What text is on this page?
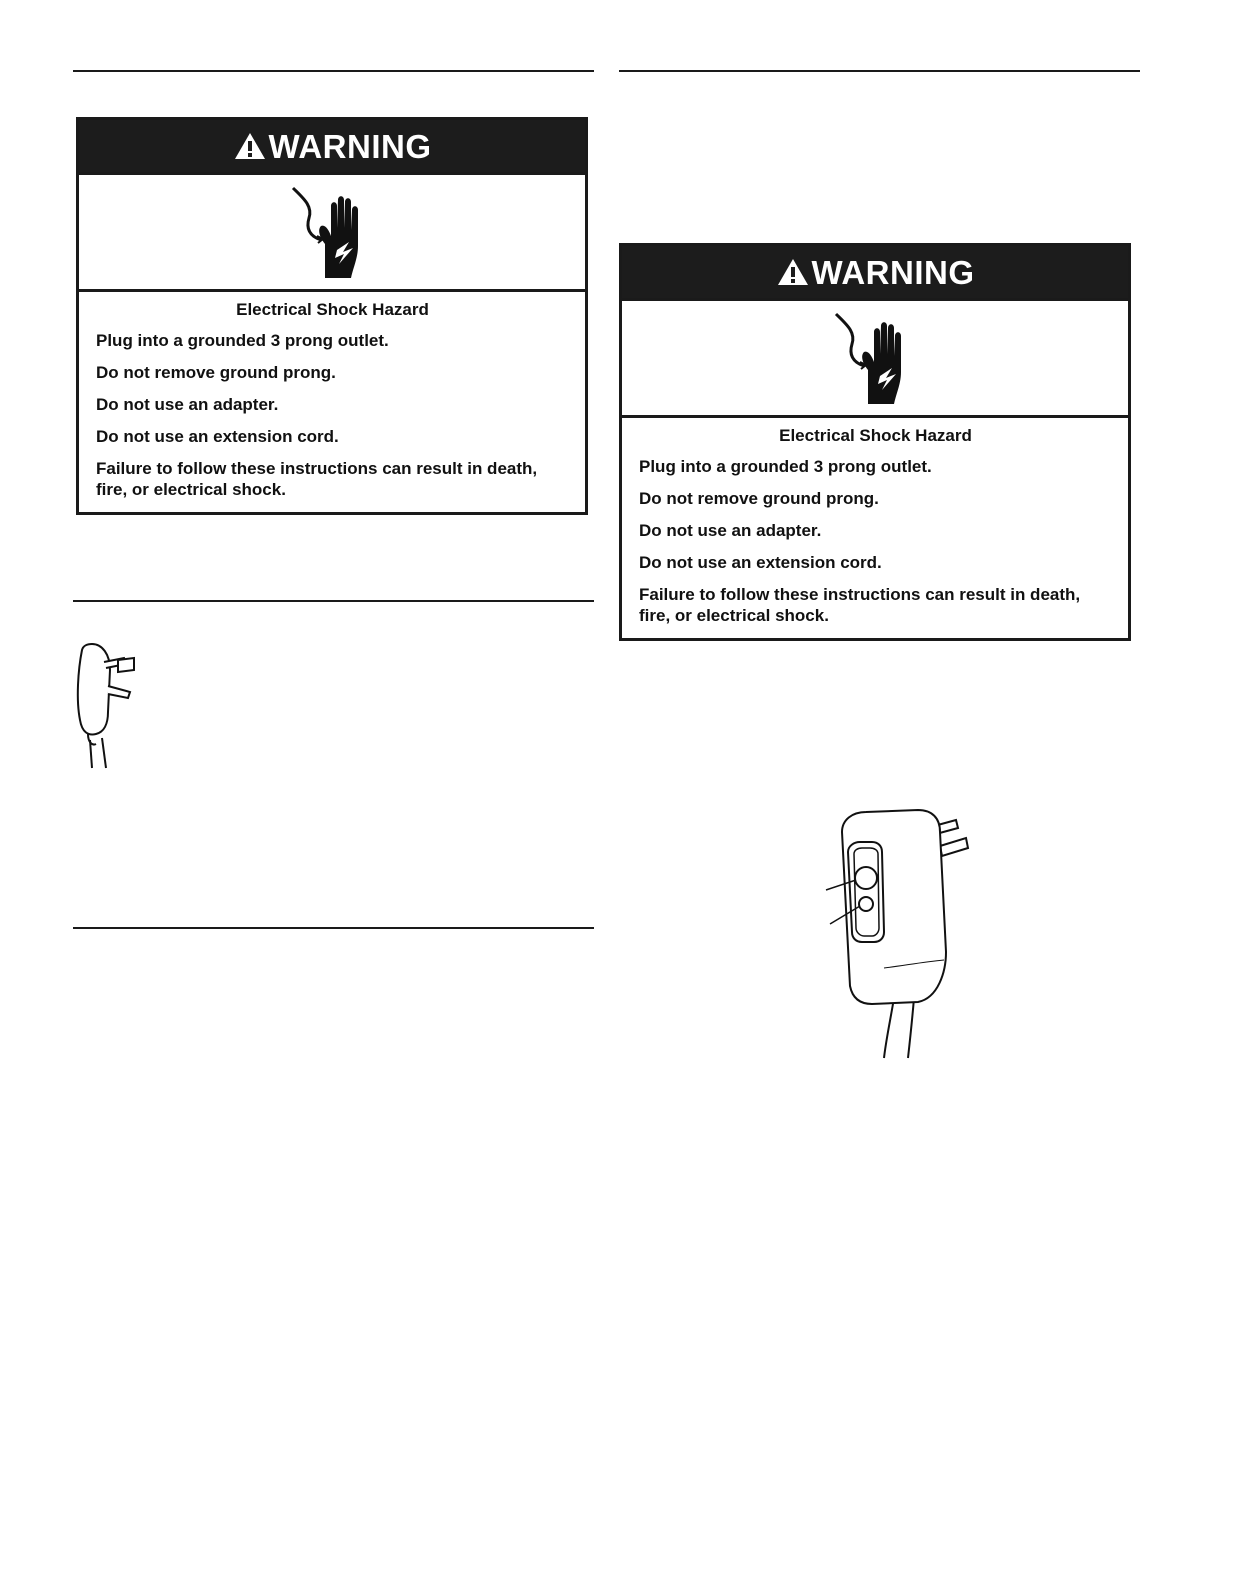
WARNING

Electrical Shock Hazard

Plug into a grounded 3 prong outlet.

Do not remove ground prong.

Do not use an adapter.

Do not use an extension cord.

Failure to follow these instructions can result in death, fire, or electrical shock.

WARNING

Electrical Shock Hazard

Plug into a grounded 3 prong outlet.

Do not remove ground prong.

Do not use an adapter.

Do not use an extension cord.

Failure to follow these instructions can result in death, fire, or electrical shock.
